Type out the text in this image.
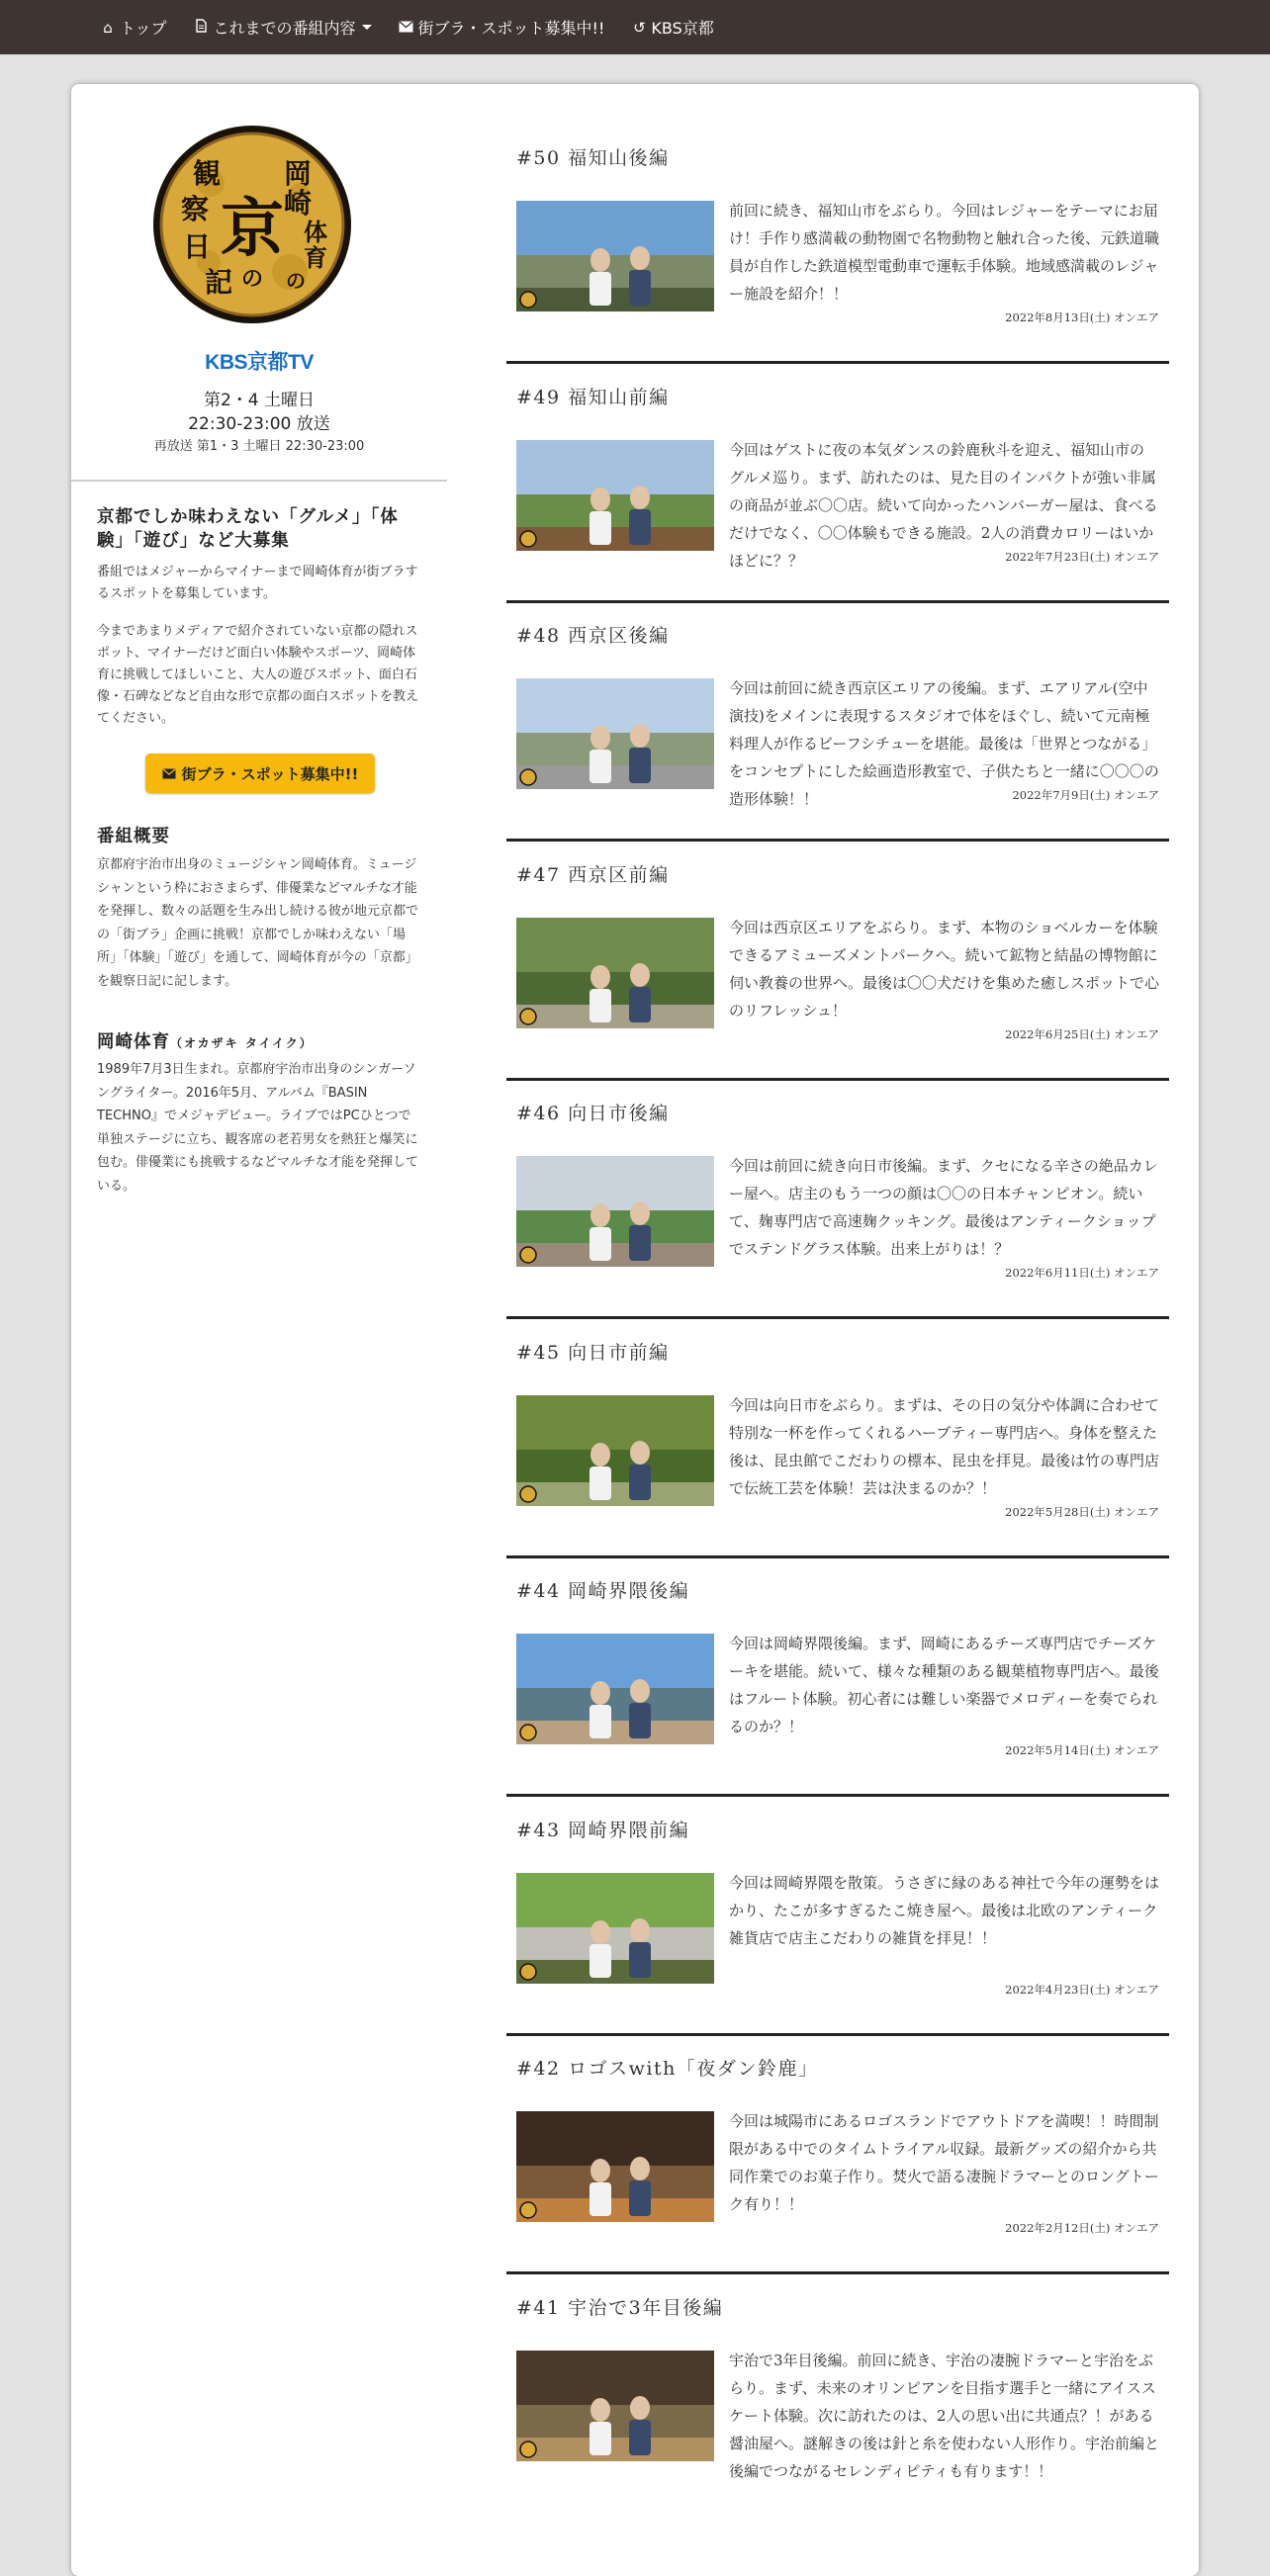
⌂ トップ	これまでの番組内容	街ブラ・スポット募集中!! ↺ KBS京都
岡
崎
体
育
の
京
の
観
察
日
記
KBS京都TV
第2・4 土曜日
22:30-23:00 放送
再放送 第1・3 土曜日 22:30-23:00
京都でしか味わえない「グルメ」「体験」「遊び」など大募集
番組ではメジャーからマイナーまで岡崎体育が街ブラするスポットを募集しています。
今まであまりメディアで紹介されていない京都の隠れスポット、マイナーだけど面白い体験やスポーツ、岡崎体育に挑戦してほしいこと、大人の遊びスポット、面白石像・石碑などなど自由な形で京都の面白スポットを教えてください。
街ブラ・スポット募集中!!
番組概要
京都府宇治市出身のミュージシャン岡崎体育。ミュージシャンという枠におさまらず、俳優業などマルチな才能を発揮し、数々の話題を生み出し続ける彼が地元京都での「街ブラ」企画に挑戦！京都でしか味わえない「場所」「体験」「遊び」を通して、岡崎体育が今の「京都」を観察日記に記します。
岡崎体育（オカザキ タイイク）
1989年7月3日生まれ。京都府宇治市出身のシンガーソングライター。2016年5月、アルバム『BASIN TECHNO』でメジャデビュー。ライブではPCひとつで単独ステージに立ち、観客席の老若男女を熱狂と爆笑に包む。俳優業にも挑戦するなどマルチな才能を発揮している。
#50 福知山後編
前回に続き、福知山市をぶらり。今回はレジャーをテーマにお届け！手作り感満載の動物園で名物動物と触れ合った後、元鉄道職員が自作した鉄道模型電動車で運転手体験。地域感満載のレジャー施設を紹介！！
2022年8月13日(土) オンエア
#49 福知山前編
今回はゲストに夜の本気ダンスの鈴鹿秋斗を迎え、福知山市のグルメ巡り。まず、訪れたのは、見た目のインパクトが強い非属の商品が並ぶ〇〇店。続いて向かったハンバーガー屋は、食べるだけでなく、〇〇体験もできる施設。2人の消費カロリーはいかほどに？？	2022年7月23日(土) オンエア
#48 西京区後編
今回は前回に続き西京区エリアの後編。まず、エアリアル(空中演技)をメインに表現するスタジオで体をほぐし、続いて元南極料理人が作るビーフシチューを堪能。最後は「世界とつながる」をコンセプトにした絵画造形教室で、子供たちと一緒に〇〇〇の造形体験！！	2022年7月9日(土) オンエア
#47 西京区前編
今回は西京区エリアをぶらり。まず、本物のショベルカーを体験できるアミューズメントパークへ。続いて鉱物と結晶の博物館に伺い教養の世界へ。最後は〇〇犬だけを集めた癒しスポットで心のリフレッシュ！
2022年6月25日(土) オンエア
#46 向日市後編
今回は前回に続き向日市後編。まず、クセになる辛さの絶品カレー屋へ。店主のもう一つの顔は〇〇の日本チャンピオン。続いて、麹専門店で高速麹クッキング。最後はアンティークショップでステンドグラス体験。出来上がりは！？
2022年6月11日(土) オンエア
#45 向日市前編
今回は向日市をぶらり。まずは、その日の気分や体調に合わせて特別な一杯を作ってくれるハーブティー専門店へ。身体を整えた後は、昆虫館でこだわりの標本、昆虫を拝見。最後は竹の専門店で伝統工芸を体験！芸は決まるのか？！
2022年5月28日(土) オンエア
#44 岡崎界隈後編
今回は岡崎界隈後編。まず、岡崎にあるチーズ専門店でチーズケーキを堪能。続いて、様々な種類のある観葉植物専門店へ。最後はフルート体験。初心者には難しい楽器でメロディーを奏でられるのか？！
2022年5月14日(土) オンエア
#43 岡崎界隈前編
今回は岡崎界隈を散策。うさぎに縁のある神社で今年の運勢をはかり、たこが多すぎるたこ焼き屋へ。最後は北欧のアンティーク雑貨店で店主こだわりの雑貨を拝見！！
2022年4月23日(土) オンエア
#42 ロゴスwith「夜ダン鈴鹿」
今回は城陽市にあるロゴスランドでアウトドアを満喫！！時間制限がある中でのタイムトライアル収録。最新グッズの紹介から共同作業でのお菓子作り。焚火で語る凄腕ドラマーとのロングトーク有り！！
2022年2月12日(土) オンエア
#41 宇治で3年目後編
宇治で3年目後編。前回に続き、宇治の凄腕ドラマーと宇治をぶらり。まず、未来のオリンピアンを目指す選手と一緒にアイススケート体験。次に訪れたのは、2人の思い出に共通点？！がある醤油屋へ。謎解きの後は針と糸を使わない人形作り。宇治前編と後編でつながるセレンディピティも有ります！！
